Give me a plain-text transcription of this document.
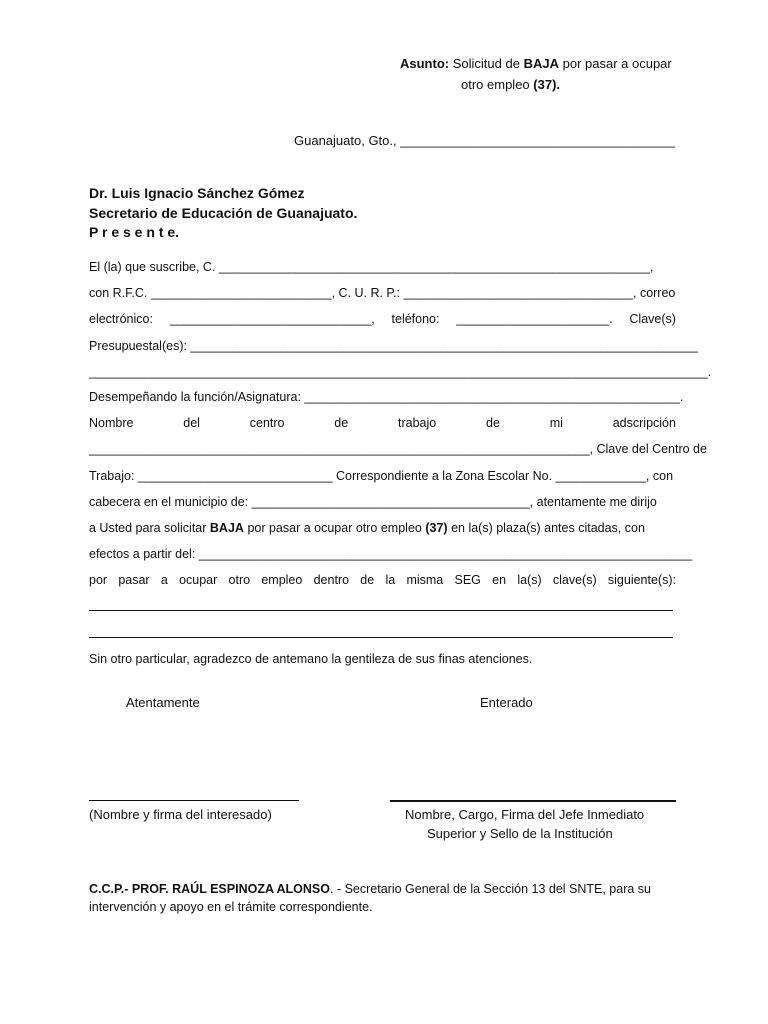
Asunto: Solicitud de BAJA por pasar a ocupar
otro empleo (37).
Guanajuato, Gto., ______________________________________
Dr. Luis Ignacio Sánchez Gómez
Secretario de Educación de Guanajuato.
P r e s e n t e.
El (la) que suscribe, C. ______________________________________________________________,
con R.F.C. __________________________, C. U. R. P.: _________________________________, correo
electrónico: _____________________________, teléfono: ______________________. Clave(s)
Presupuestal(es): _________________________________________________________________________
_________________________________________________________________________________________.
Desempeñando la función/Asignatura: ______________________________________________________.
Nombre	del	centro	de	trabajo	de	mi	adscripción
________________________________________________________________________, Clave del Centro de
Trabajo: ____________________________ Correspondiente a la Zona Escolar No. _____________, con
cabecera en el municipio de: ________________________________________, atentamente me dirijo
a Usted para solicitar BAJA por pasar a ocupar otro empleo (37) en la(s) plaza(s) antes citadas, con
efectos a partir del: _______________________________________________________________________
por pasar a ocupar otro empleo dentro de la misma SEG en la(s) clave(s) siguiente(s):
Sin otro particular, agradezco de antemano la gentileza de sus finas atenciones.
Atentamente	Enterado
(Nombre y firma del interesado)	Nombre, Cargo, Firma del Jefe Inmediato
Superior y Sello de la Institución
C.C.P.- PROF. RAÚL ESPINOZA ALONSO . - Secretario General de la Sección 13 del SNTE, para su
intervención y apoyo en el trámite correspondiente.
